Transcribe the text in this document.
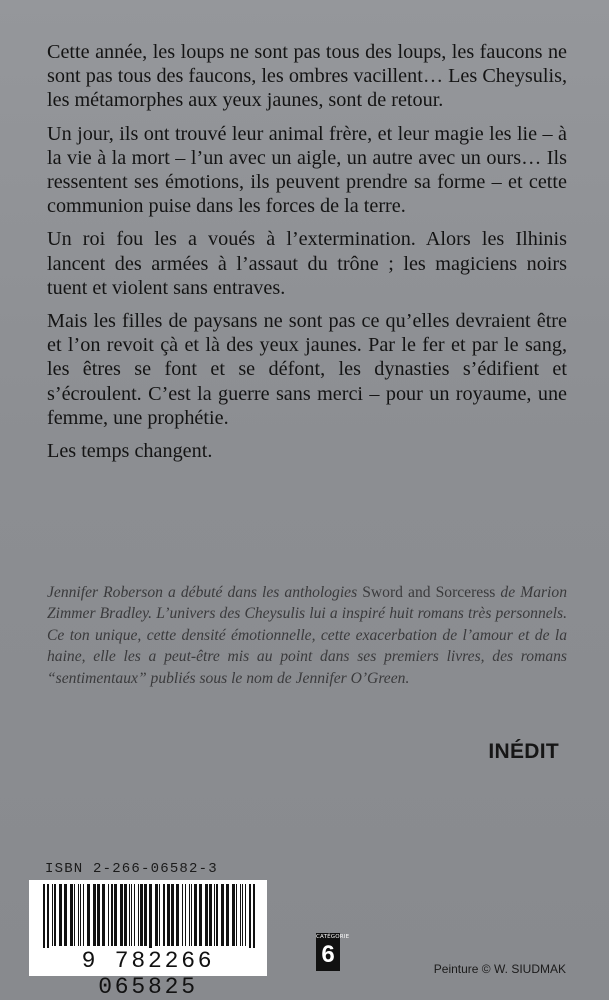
Cette année, les loups ne sont pas tous des loups, les faucons ne sont pas tous des faucons, les ombres vacillent… Les Cheysulis, les métamorphes aux yeux jaunes, sont de retour.

Un jour, ils ont trouvé leur animal frère, et leur magie les lie – à la vie à la mort – l’un avec un aigle, un autre avec un ours… Ils ressentent ses émotions, ils peuvent prendre sa forme – et cette communion puise dans les forces de la terre.

Un roi fou les a voués à l’extermination. Alors les Ilhinis lancent des armées à l’assaut du trône ; les magiciens noirs tuent et violent sans entraves.

Mais les filles de paysans ne sont pas ce qu’elles devraient être et l’on revoit çà et là des yeux jaunes. Par le fer et par le sang, les êtres se font et se défont, les dynasties s’édifient et s’écroulent. C’est la guerre sans merci – pour un royaume, une femme, une prophétie.

Les temps changent.

Jennifer Roberson a débuté dans les anthologies Sword and Sorceress de Marion Zimmer Bradley. L’univers des Cheysulis lui a inspiré huit romans très personnels. Ce ton unique, cette densité émotionnelle, cette exacerbation de l’amour et de la haine, elle les a peut-être mis au point dans ses premiers livres, des romans “sentimentaux” publiés sous le nom de Jennifer O’Green.
INÉDIT
ISBN 2-266-06582-3
9 782266 065825
CATÉGORIE
6
Peinture © W. SIUDMAK
